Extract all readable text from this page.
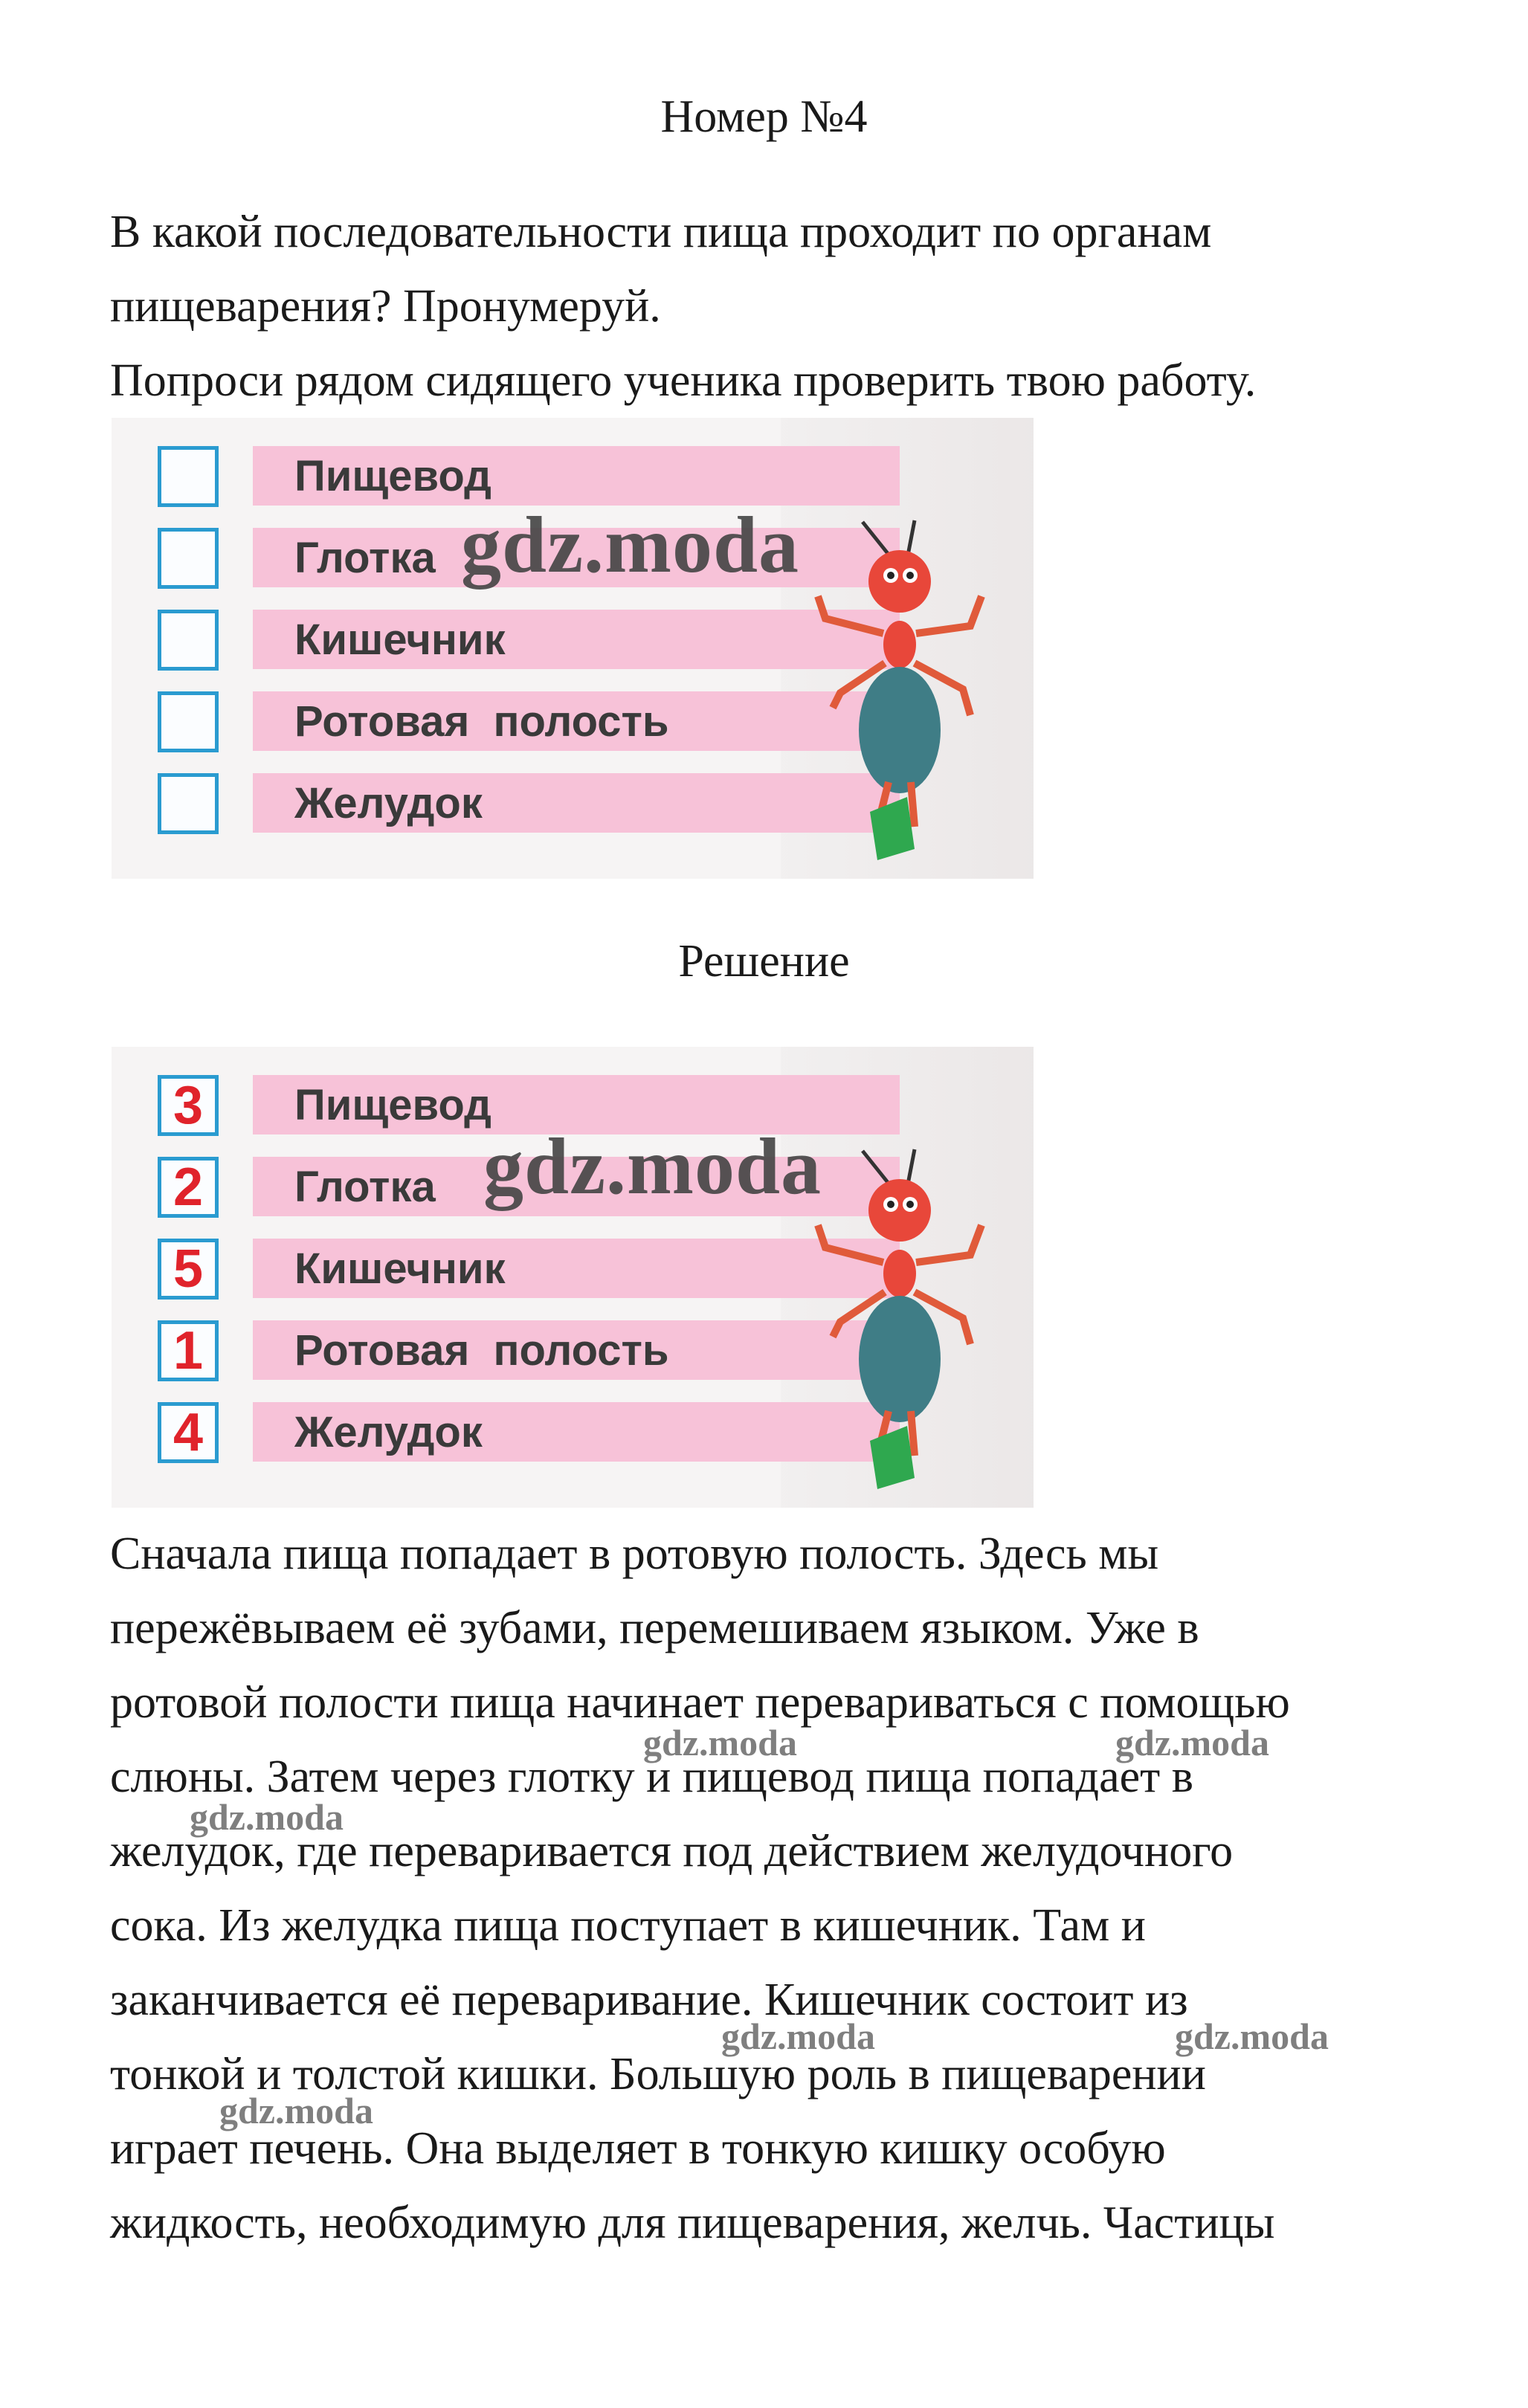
Номер №4

В какой последовательности пища проходит по органам

пищеварения? Пронумеруй.

Попроси рядом сидящего ученика проверить твою работу.

Пищевод
Глотка
Кишечник
Ротовая  полость
Желудок
gdz.moda
Решение
3	Пищевод
2	Глотка
5	Кишечник
1	Ротовая  полость
4	Желудок
gdz.moda

Сначала пища попадает в ротовую полость. Здесь мы

пережёвываем её зубами, перемешиваем языком. Уже в

ротовой полости пища начинает перевариваться с помощью

слюны. Затем через глотку и пищевод пища попадает в

желудок, где переваривается под действием желудочного

сока. Из желудка пища поступает в кишечник. Там и

заканчивается её переваривание. Кишечник состоит из

тонкой и толстой кишки. Большую роль в пищеварении

играет печень. Она выделяет в тонкую кишку особую

жидкость, необходимую для пищеварения, желчь. Частицы

gdz.moda	gdz.moda
gdz.moda
gdz.moda	gdz.moda
gdz.moda
